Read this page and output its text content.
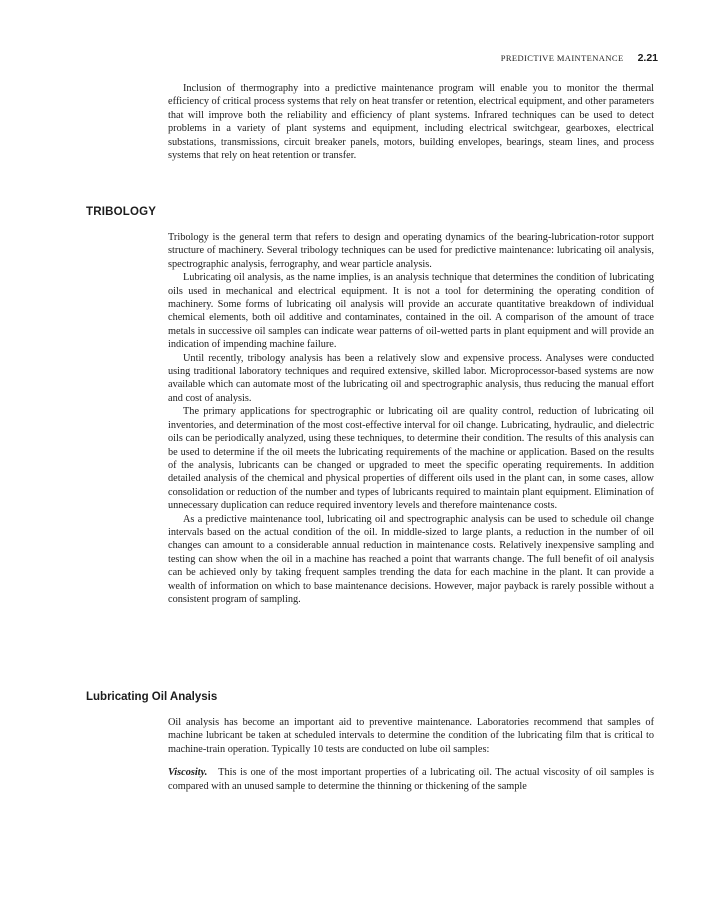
PREDICTIVE MAINTENANCE 2.21

Inclusion of thermography into a predictive maintenance program will enable you to monitor the thermal efficiency of critical process systems that rely on heat transfer or retention, electrical equipment, and other parameters that will improve both the reliability and efficiency of plant systems. Infrared techniques can be used to detect problems in a variety of plant systems and equipment, including electrical switchgear, gearboxes, electrical substations, transmissions, circuit breaker panels, motors, building envelopes, bearings, steam lines, and process systems that rely on heat retention or transfer.

TRIBOLOGY

Tribology is the general term that refers to design and operating dynamics of the bearing-lubrication-rotor support structure of machinery. Several tribology techniques can be used for predictive maintenance: lubricating oil analysis, spectrographic analysis, ferrography, and wear particle analysis.

Lubricating oil analysis, as the name implies, is an analysis technique that determines the condition of lubricating oils used in mechanical and electrical equipment. It is not a tool for determining the operating condition of machinery. Some forms of lubricating oil analysis will provide an accurate quantitative breakdown of individual chemical elements, both oil additive and contaminates, contained in the oil. A comparison of the amount of trace metals in successive oil samples can indicate wear patterns of oil-wetted parts in plant equipment and will provide an indication of impending machine failure.

Until recently, tribology analysis has been a relatively slow and expensive process. Analyses were conducted using traditional laboratory techniques and required extensive, skilled labor. Microprocessor-based systems are now available which can automate most of the lubricating oil and spectrographic analysis, thus reducing the manual effort and cost of analysis.

The primary applications for spectrographic or lubricating oil are quality control, reduction of lubricating oil inventories, and determination of the most cost-effective interval for oil change. Lubricating, hydraulic, and dielectric oils can be periodically analyzed, using these techniques, to determine their condition. The results of this analysis can be used to determine if the oil meets the lubricating requirements of the machine or application. Based on the results of the analysis, lubricants can be changed or upgraded to meet the specific operating requirements. In addition detailed analysis of the chemical and physical properties of different oils used in the plant can, in some cases, allow consolidation or reduction of the number and types of lubricants required to maintain plant equipment. Elimination of unnecessary duplication can reduce required inventory levels and therefore maintenance costs.

As a predictive maintenance tool, lubricating oil and spectrographic analysis can be used to schedule oil change intervals based on the actual condition of the oil. In middle-sized to large plants, a reduction in the number of oil changes can amount to a considerable annual reduction in maintenance costs. Relatively inexpensive sampling and testing can show when the oil in a machine has reached a point that warrants change. The full benefit of oil analysis can be achieved only by taking frequent samples trending the data for each machine in the plant. It can provide a wealth of information on which to base maintenance decisions. However, major payback is rarely possible without a consistent program of sampling.

Lubricating Oil Analysis

Oil analysis has become an important aid to preventive maintenance. Laboratories recommend that samples of machine lubricant be taken at scheduled intervals to determine the condition of the lubricating film that is critical to machine-train operation. Typically 10 tests are conducted on lube oil samples:

Viscosity. This is one of the most important properties of a lubricating oil. The actual viscosity of oil samples is compared with an unused sample to determine the thinning or thickening of the sample
